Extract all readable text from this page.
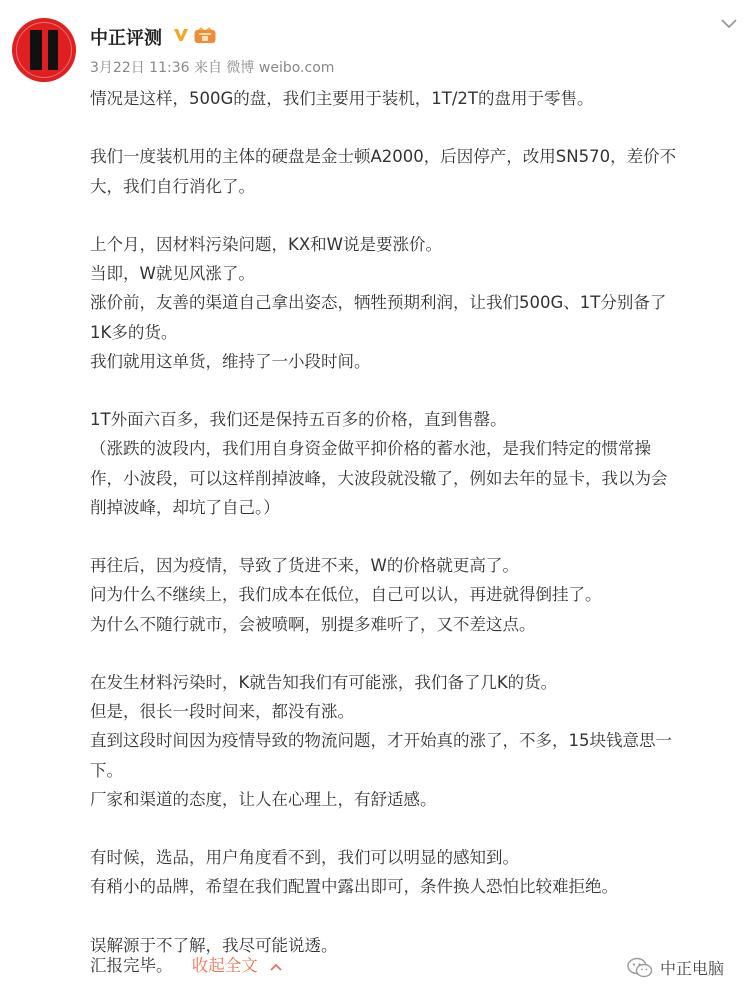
中正评测
3月22日 11:36 来自 微博 weibo.com

情况是这样，500G的盘，我们主要用于装机，1T/2T的盘用于零售。

我们一度装机用的主体的硬盘是金士顿A2000，后因停产，改用SN570，差价不

大，我们自行消化了。

上个月，因材料污染问题，KX和W说是要涨价。

当即，W就见风涨了。

涨价前，友善的渠道自己拿出姿态，牺牲预期利润，让我们500G、1T分别备了

1K多的货。

我们就用这单货，维持了一小段时间。

1T外面六百多，我们还是保持五百多的价格，直到售罄。

（涨跌的波段内，我们用自身资金做平抑价格的蓄水池，是我们特定的惯常操

作，小波段，可以这样削掉波峰，大波段就没辙了，例如去年的显卡，我以为会

削掉波峰，却坑了自己。）

再往后，因为疫情，导致了货进不来，W的价格就更高了。

问为什么不继续上，我们成本在低位，自己可以认，再进就得倒挂了。

为什么不随行就市，会被喷啊，别提多难听了，又不差这点。

在发生材料污染时，K就告知我们有可能涨，我们备了几K的货。

但是，很长一段时间来，都没有涨。

直到这段时间因为疫情导致的物流问题，才开始真的涨了，不多，15块钱意思一

下。

厂家和渠道的态度，让人在心理上，有舒适感。

有时候，选品，用户角度看不到，我们可以明显的感知到。

有稍小的品牌，希望在我们配置中露出即可，条件换人恐怕比较难拒绝。

误解源于不了解，我尽可能说透。

汇报完毕。 收起全文	中正电脑
